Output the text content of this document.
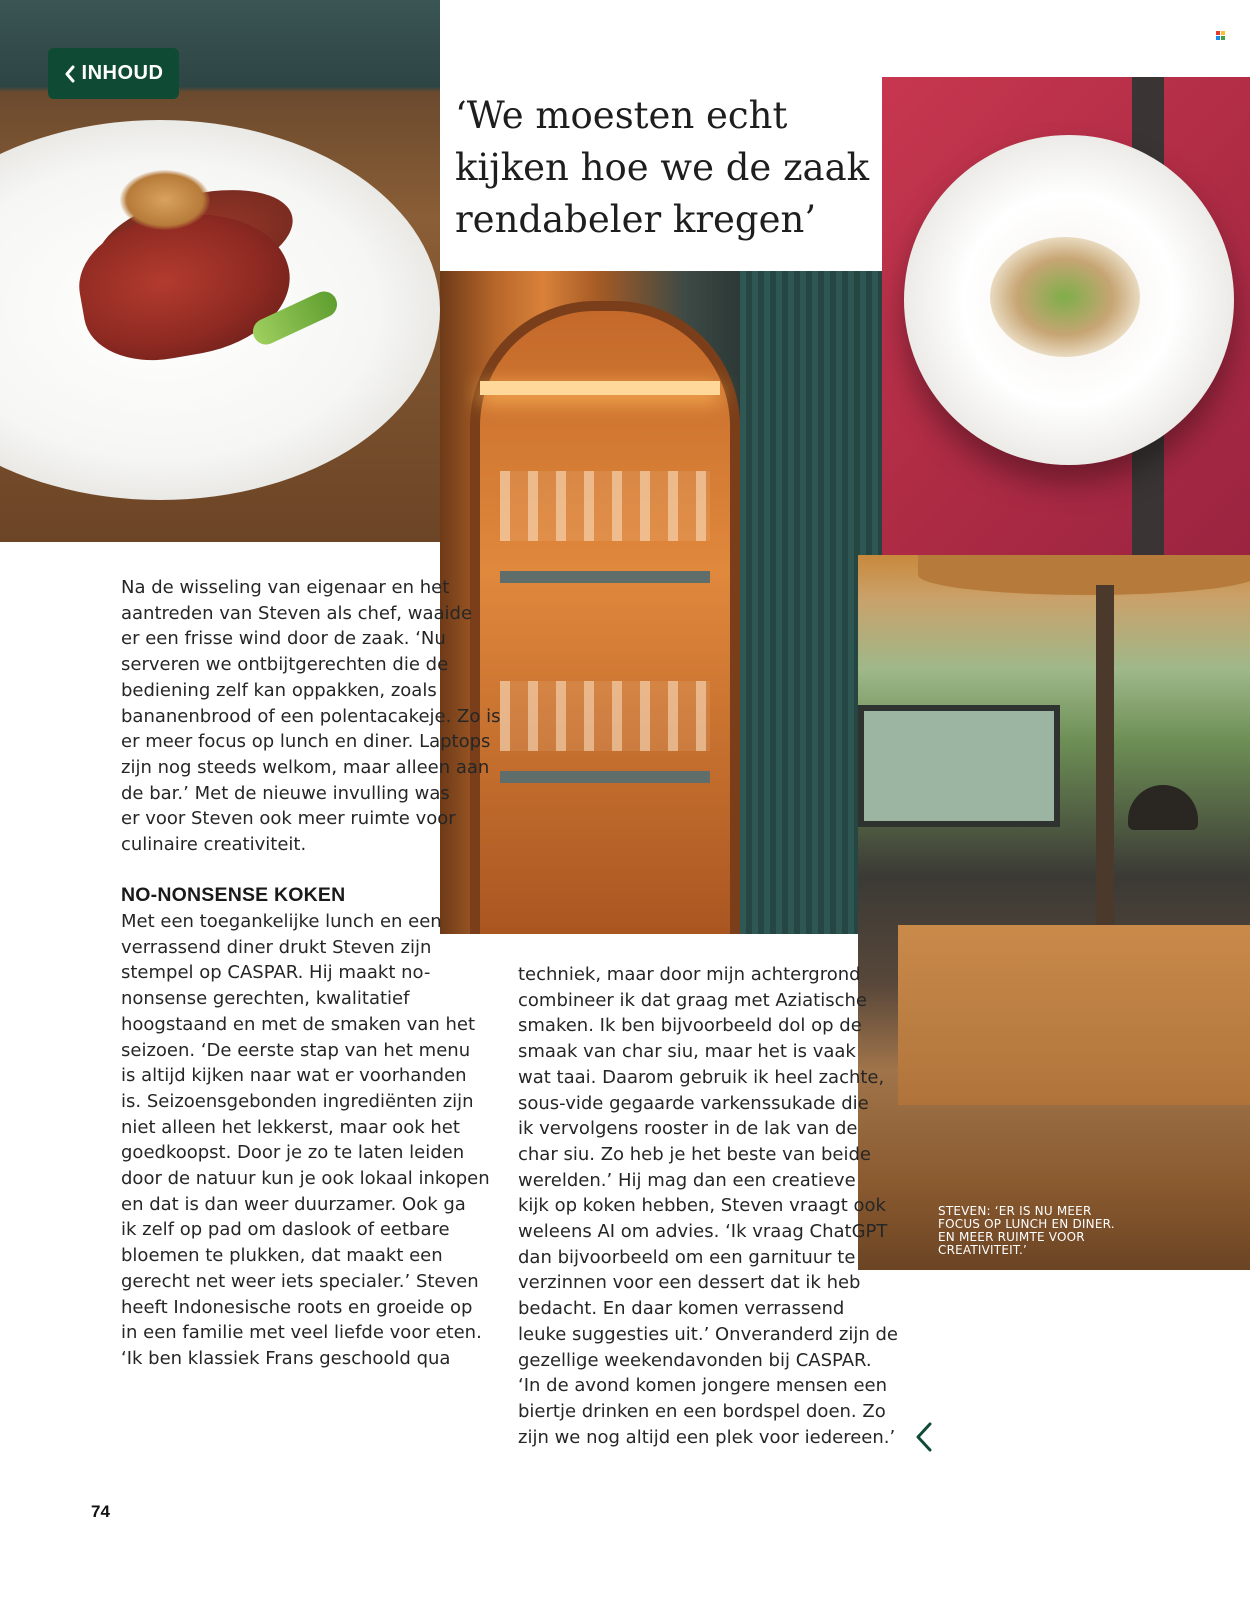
INHOUD
‘We moesten echt
kijken hoe we de zaak
rendabeler kregen’
Na de wisseling van eigenaar en het
aantreden van Steven als chef, waaide
er een frisse wind door de zaak. ‘Nu
serveren we ontbijtgerechten die de
bediening zelf kan oppakken, zoals
bananenbrood of een polentacakeje. Zo is
er meer focus op lunch en diner. Laptops
zijn nog steeds welkom, maar alleen aan
de bar.’ Met de nieuwe invulling was
er voor Steven ook meer ruimte voor
culinaire creativiteit.
NO-NONSENSE KOKEN
Met een toegankelijke lunch en een
verrassend diner drukt Steven zijn
stempel op CASPAR. Hij maakt no-
nonsense gerechten, kwalitatief
hoogstaand en met de smaken van het
seizoen. ‘De eerste stap van het menu
is altijd kijken naar wat er voorhanden
is. Seizoensgebonden ingrediënten zijn
niet alleen het lekkerst, maar ook het
goedkoopst. Door je zo te laten leiden
door de natuur kun je ook lokaal inkopen
en dat is dan weer duurzamer. Ook ga
ik zelf op pad om daslook of eetbare
bloemen te plukken, dat maakt een
gerecht net weer iets specialer.’ Steven
heeft Indonesische roots en groeide op
in een familie met veel liefde voor eten.
‘Ik ben klassiek Frans geschoold qua
techniek, maar door mijn achtergrond
combineer ik dat graag met Aziatische
smaken. Ik ben bijvoorbeeld dol op de
smaak van char siu, maar het is vaak
wat taai. Daarom gebruik ik heel zachte,
sous-vide gegaarde varkenssukade die
ik vervolgens rooster in de lak van de
char siu. Zo heb je het beste van beide
werelden.’ Hij mag dan een creatieve
kijk op koken hebben, Steven vraagt ook
weleens AI om advies. ‘Ik vraag ChatGPT
dan bijvoorbeeld om een garnituur te
verzinnen voor een dessert dat ik heb
bedacht. En daar komen verrassend
leuke suggesties uit.’ Onveranderd zijn de
gezellige weekendavonden bij CASPAR.
‘In de avond komen jongere mensen een
biertje drinken en een bordspel doen. Zo
zijn we nog altijd een plek voor iedereen.’
STEVEN: ‘ER IS NU MEER
FOCUS OP LUNCH EN DINER.
EN MEER RUIMTE VOOR
CREATIVITEIT.’
74
